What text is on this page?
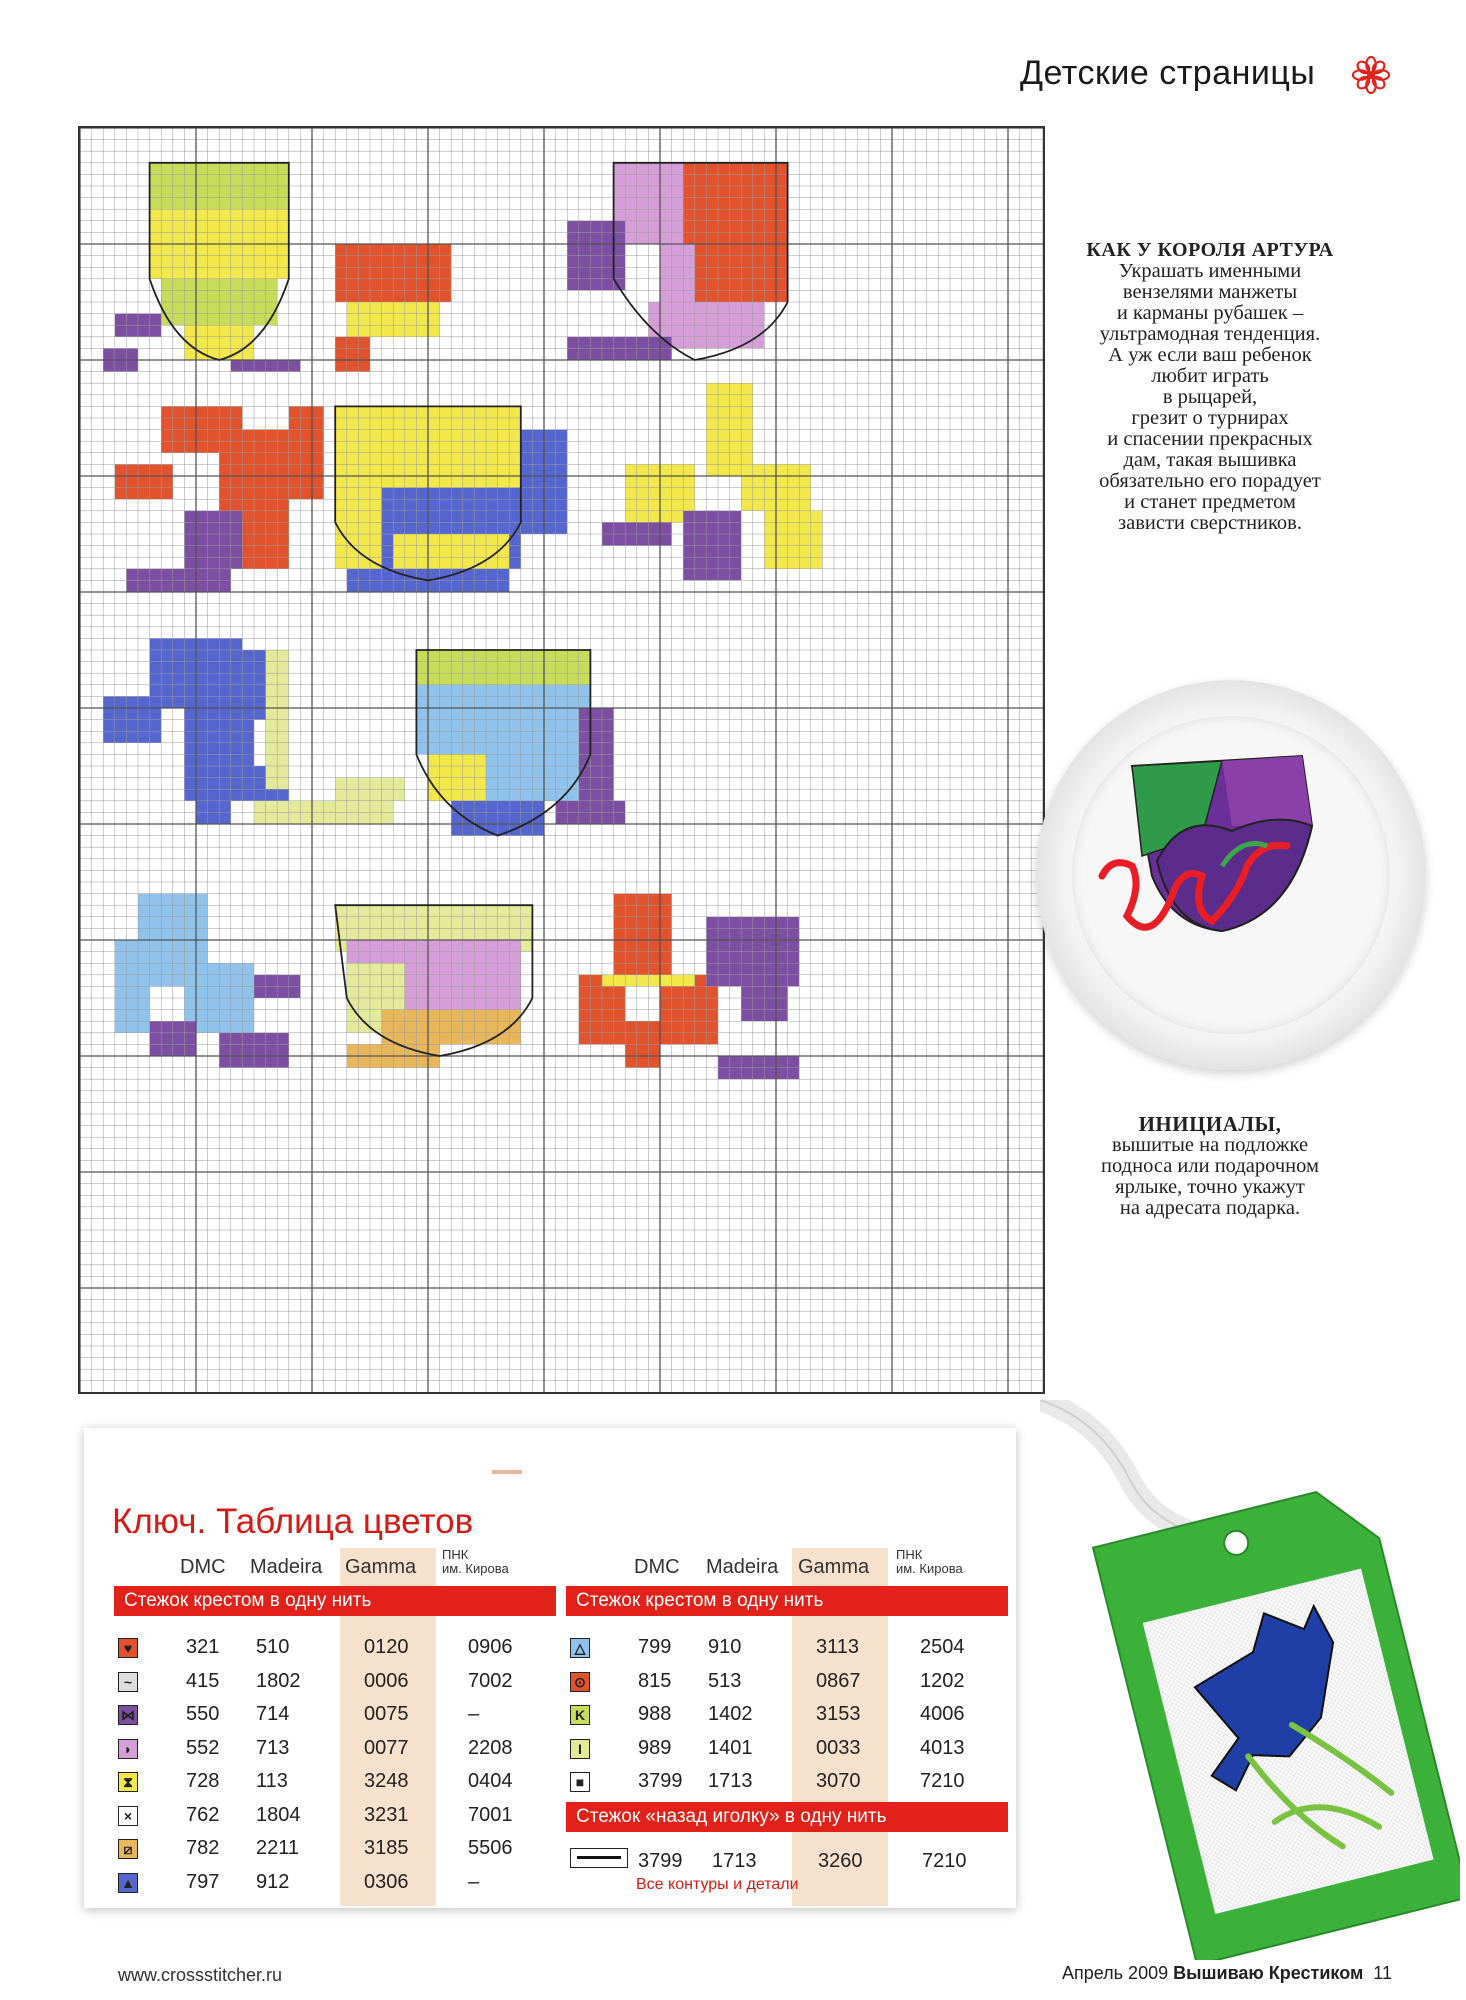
Детские страницы
КАК У КОРОЛЯ АРТУРА
Украшать именными
вензелями манжеты
и карманы рубашек –
ультрамодная тенденция.
А уж если ваш ребенок
любит играть
в рыцарей,
грезит о турнирах
и спасении прекрасных
дам, такая вышивка
обязательно его порадует
и станет предметом
зависти сверстников.
ИНИЦИАЛЫ,
вышитые на подложке
подноса или подарочном
ярлыке, точно укажут
на адресата подарка.
Ключ. Таблица цветов
DMC Madeira Gamma
ПНК
им. Кирова
Стежок крестом в одну нить
♥	321 510	0120	0906
~	415 1802	0006	7002
⋈	550 714	0075	–
◗	552 713	0077	2208
⧗	728 113	3248	0404
×	762 1804	3231	7001
⧄	782 2211	3185	5506
▲	797 912	0306	–
DMC Madeira Gamma
ПНК
им. Кирова
Стежок крестом в одну нить
△	799 910	3113	2504
⊙	815 513	0867	1202
K	988 1402	3153	4006
I	989 1401	0033	4013
■	3799 1713	3070	7210
Стежок «назад иголку» в одну нить
3799 1713	3260	7210
Все контуры и детали
www.crossstitcher.ru	Апрель 2009 Вышиваю Крестиком 11
